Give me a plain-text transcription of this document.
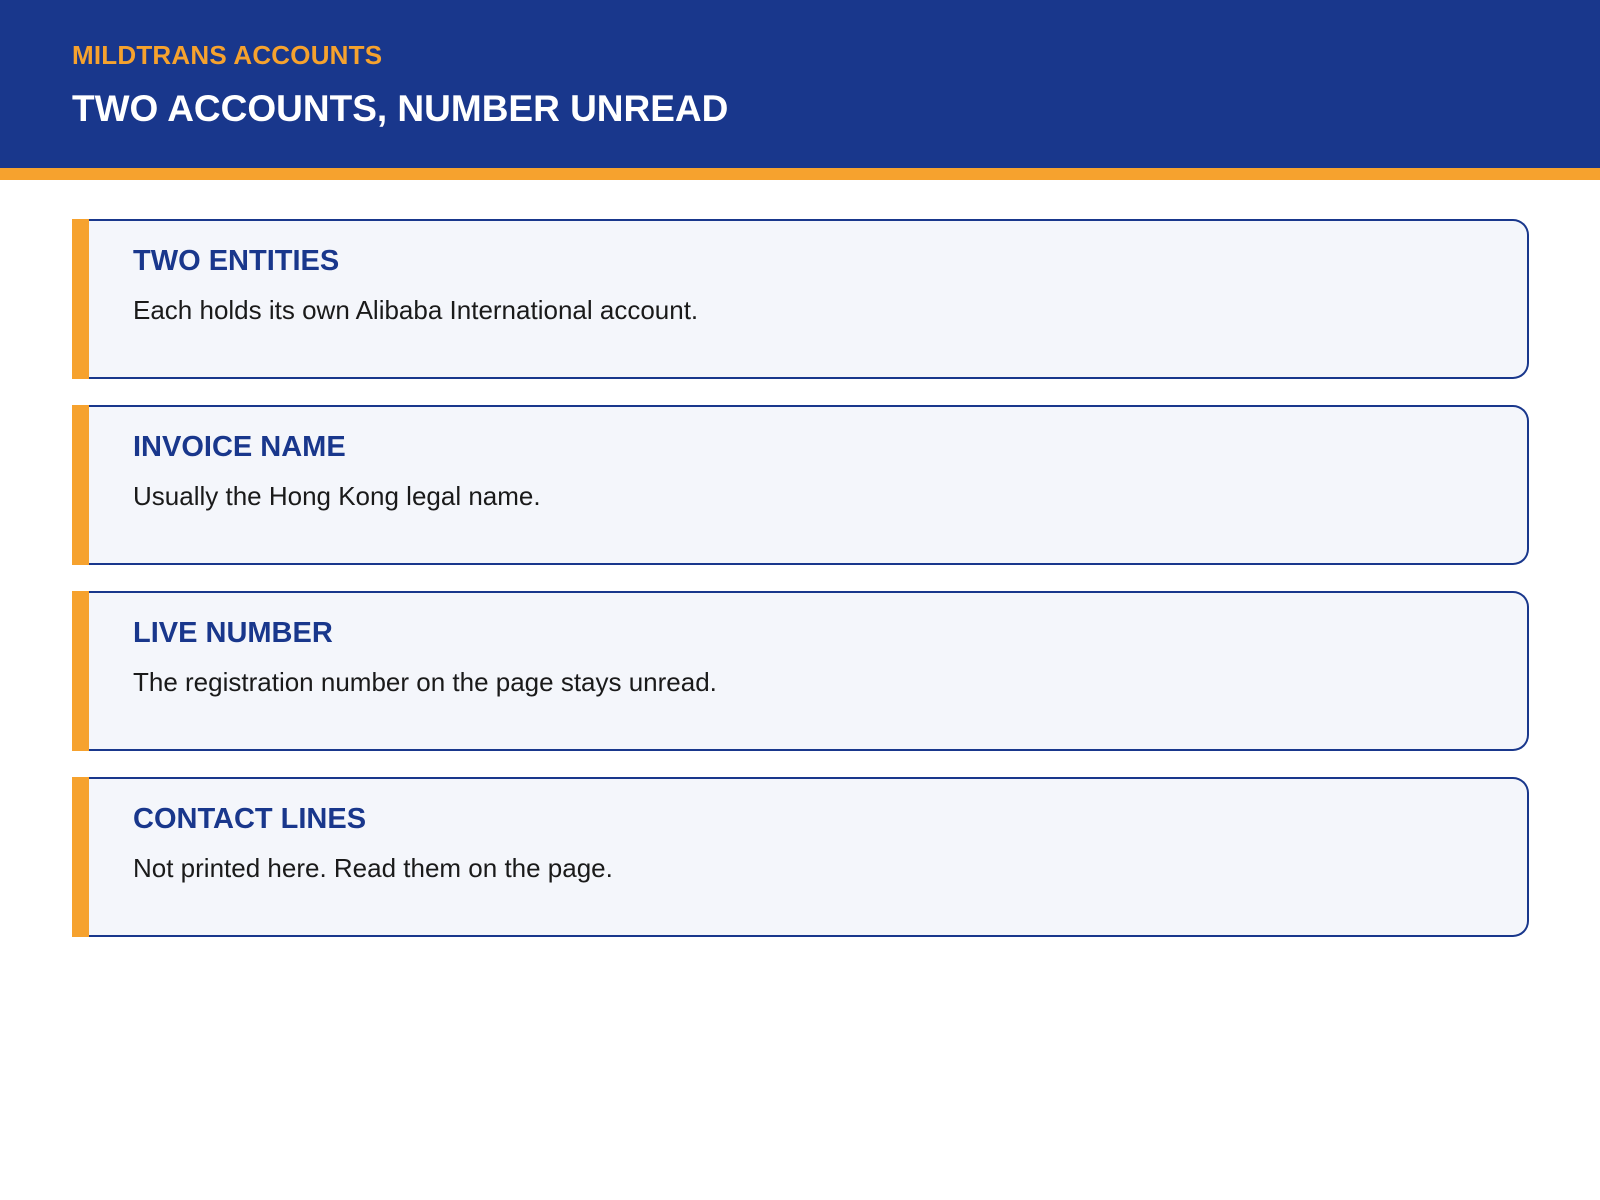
MILDTRANS ACCOUNTS
TWO ACCOUNTS, NUMBER UNREAD
TWO ENTITIES
Each holds its own Alibaba International account.
INVOICE NAME
Usually the Hong Kong legal name.
LIVE NUMBER
The registration number on the page stays unread.
CONTACT LINES
Not printed here. Read them on the page.
